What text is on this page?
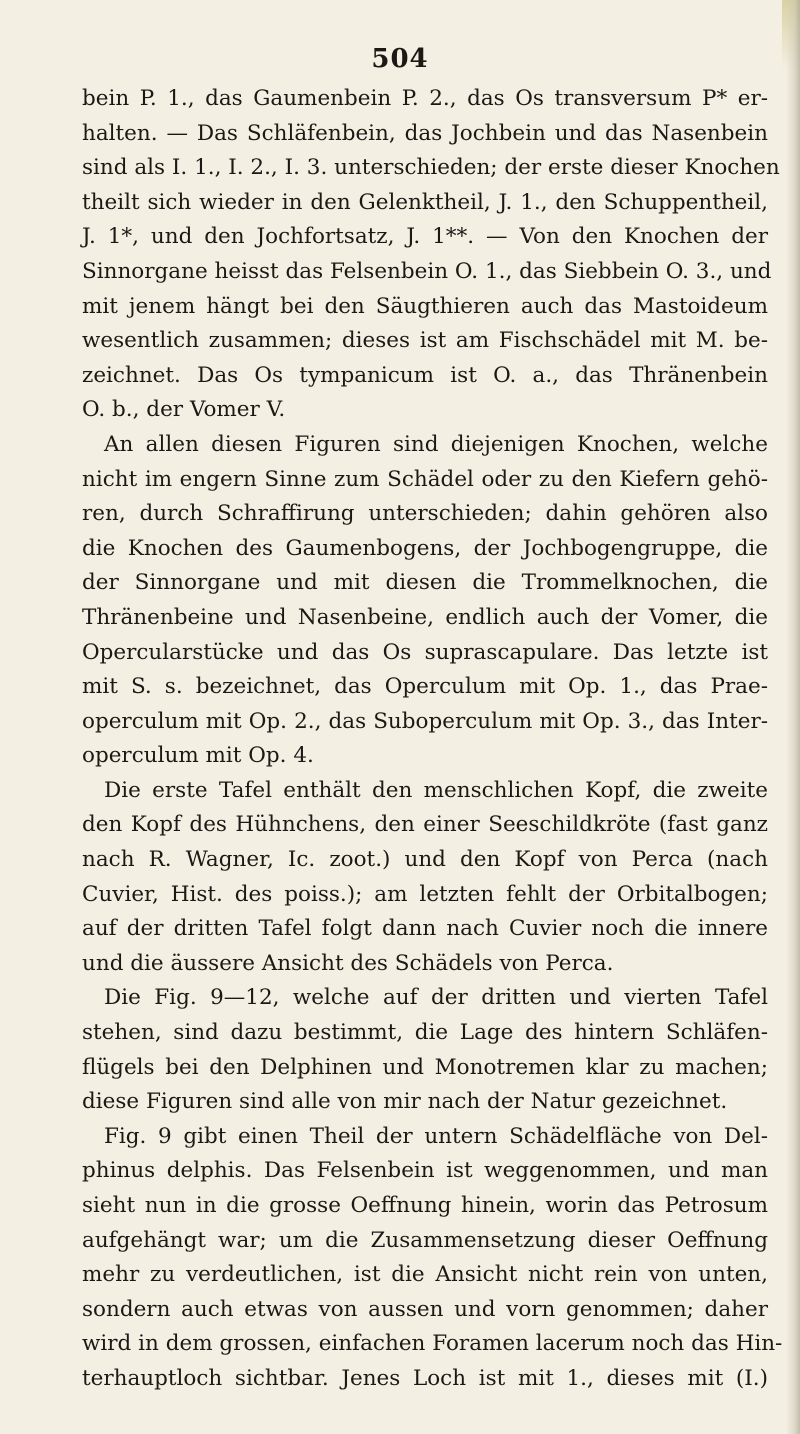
504
bein P. 1., das Gaumenbein P. 2., das Os transversum P* er-
halten. — Das Schläfenbein, das Jochbein und das Nasenbein
sind als I. 1., I. 2., I. 3. unterschieden; der erste dieser Knochen
theilt sich wieder in den Gelenktheil, J. 1., den Schuppentheil,
J. 1*, und den Jochfortsatz, J. 1**. — Von den Knochen der
Sinnorgane heisst das Felsenbein O. 1., das Siebbein O. 3., und
mit jenem hängt bei den Säugthieren auch das Mastoideum
wesentlich zusammen; dieses ist am Fischschädel mit M. be-
zeichnet. Das Os tympanicum ist O. a., das Thränenbein
O. b., der Vomer V.
An allen diesen Figuren sind diejenigen Knochen, welche
nicht im engern Sinne zum Schädel oder zu den Kiefern gehö-
ren, durch Schraffirung unterschieden; dahin gehören also
die Knochen des Gaumenbogens, der Jochbogengruppe, die
der Sinnorgane und mit diesen die Trommelknochen, die
Thränenbeine und Nasenbeine, endlich auch der Vomer, die
Opercularstücke und das Os suprascapulare. Das letzte ist
mit S. s. bezeichnet, das Operculum mit Op. 1., das Prae-
operculum mit Op. 2., das Suboperculum mit Op. 3., das Inter-
operculum mit Op. 4.
Die erste Tafel enthält den menschlichen Kopf, die zweite
den Kopf des Hühnchens, den einer Seeschildkröte (fast ganz
nach R. Wagner, Ic. zoot.) und den Kopf von Perca (nach
Cuvier, Hist. des poiss.); am letzten fehlt der Orbitalbogen;
auf der dritten Tafel folgt dann nach Cuvier noch die innere
und die äussere Ansicht des Schädels von Perca.
Die Fig. 9—12, welche auf der dritten und vierten Tafel
stehen, sind dazu bestimmt, die Lage des hintern Schläfen-
flügels bei den Delphinen und Monotremen klar zu machen;
diese Figuren sind alle von mir nach der Natur gezeichnet.
Fig. 9 gibt einen Theil der untern Schädelfläche von Del-
phinus delphis. Das Felsenbein ist weggenommen, und man
sieht nun in die grosse Oeffnung hinein, worin das Petrosum
aufgehängt war; um die Zusammensetzung dieser Oeffnung
mehr zu verdeutlichen, ist die Ansicht nicht rein von unten,
sondern auch etwas von aussen und vorn genommen; daher
wird in dem grossen, einfachen Foramen lacerum noch das Hin-
terhauptloch sichtbar. Jenes Loch ist mit 1., dieses mit (I.)
